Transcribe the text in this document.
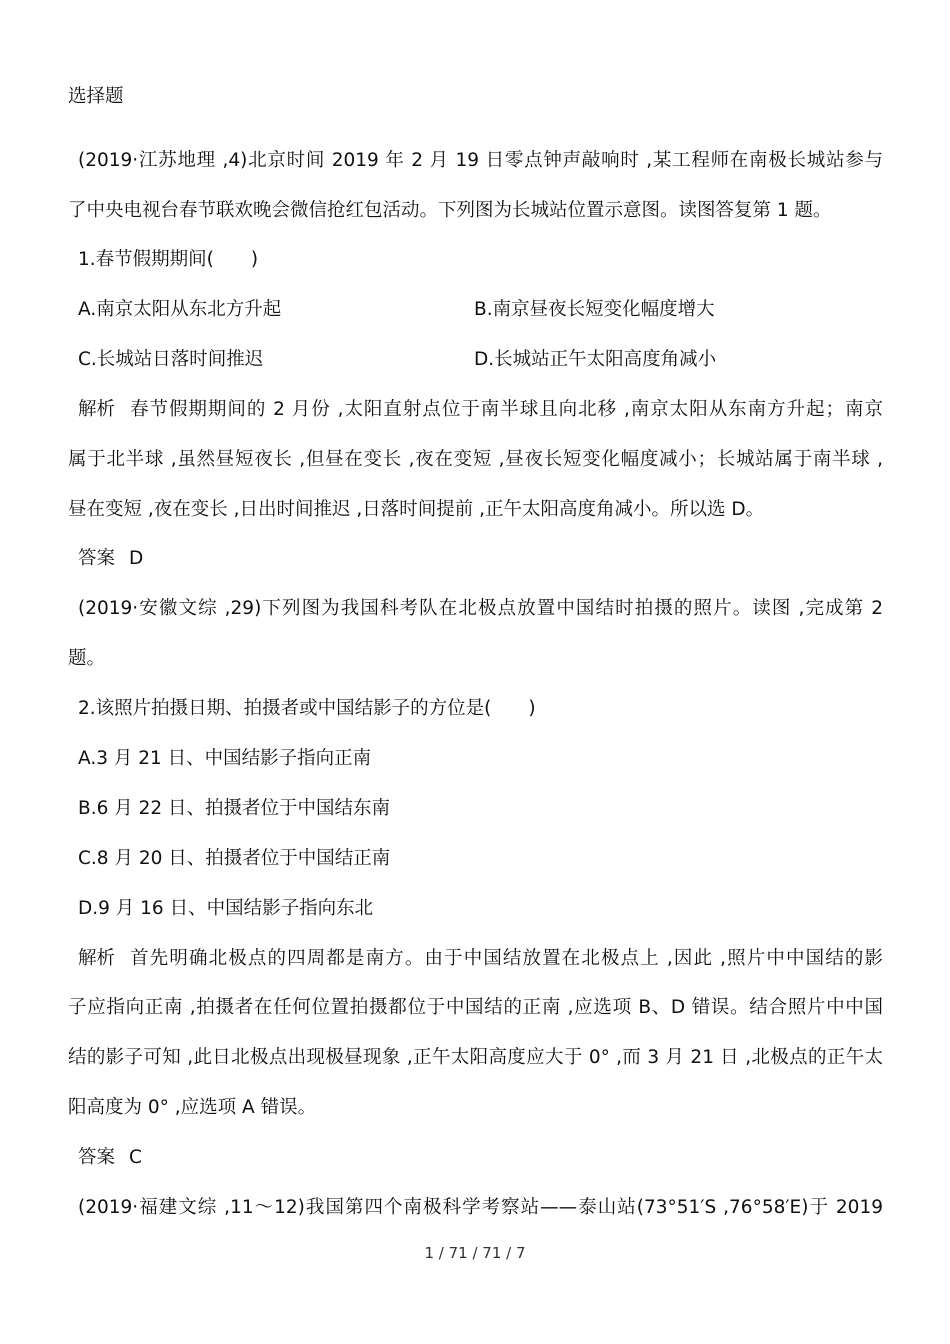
选择题
(2019·江苏地理 ,4)北京时间 2019 年 2 月 19 日零点钟声敲响时 ,某工程师在南极长城站参与
了中央电视台春节联欢晚会微信抢红包活动。下列图为长城站位置示意图。读图答复第 1 题。
1.春节假期期间(　　)
A.南京太阳从东北方升起	B.南京昼夜长短变化幅度增大
C.长城站日落时间推迟	D.长城站正午太阳高度角减小
解析 春节假期期间的 2 月份 ,太阳直射点位于南半球且向北移 ,南京太阳从东南方升起；南京
属于北半球 ,虽然昼短夜长 ,但昼在变长 ,夜在变短 ,昼夜长短变化幅度减小；长城站属于南半球 ,
昼在变短 ,夜在变长 ,日出时间推迟 ,日落时间提前 ,正午太阳高度角减小。所以选 D。
答案 D
(2019·安徽文综 ,29)下列图为我国科考队在北极点放置中国结时拍摄的照片。读图 ,完成第 2
题。
2.该照片拍摄日期、拍摄者或中国结影子的方位是(　　)
A.3 月 21 日、中国结影子指向正南
B.6 月 22 日、拍摄者位于中国结东南
C.8 月 20 日、拍摄者位于中国结正南
D.9 月 16 日、中国结影子指向东北
解析 首先明确北极点的四周都是南方。由于中国结放置在北极点上 ,因此 ,照片中中国结的影
子应指向正南 ,拍摄者在任何位置拍摄都位于中国结的正南 ,应选项 B、D 错误。结合照片中中国
结的影子可知 ,此日北极点出现极昼现象 ,正午太阳高度应大于 0° ,而 3 月 21 日 ,北极点的正午太
阳高度为 0° ,应选项 A 错误。
答案 C
(2019·福建文综 ,11～12)我国第四个南极科学考察站——泰山站(73°51′S ,76°58′E)于 2019
1 / 71 / 71 / 7
